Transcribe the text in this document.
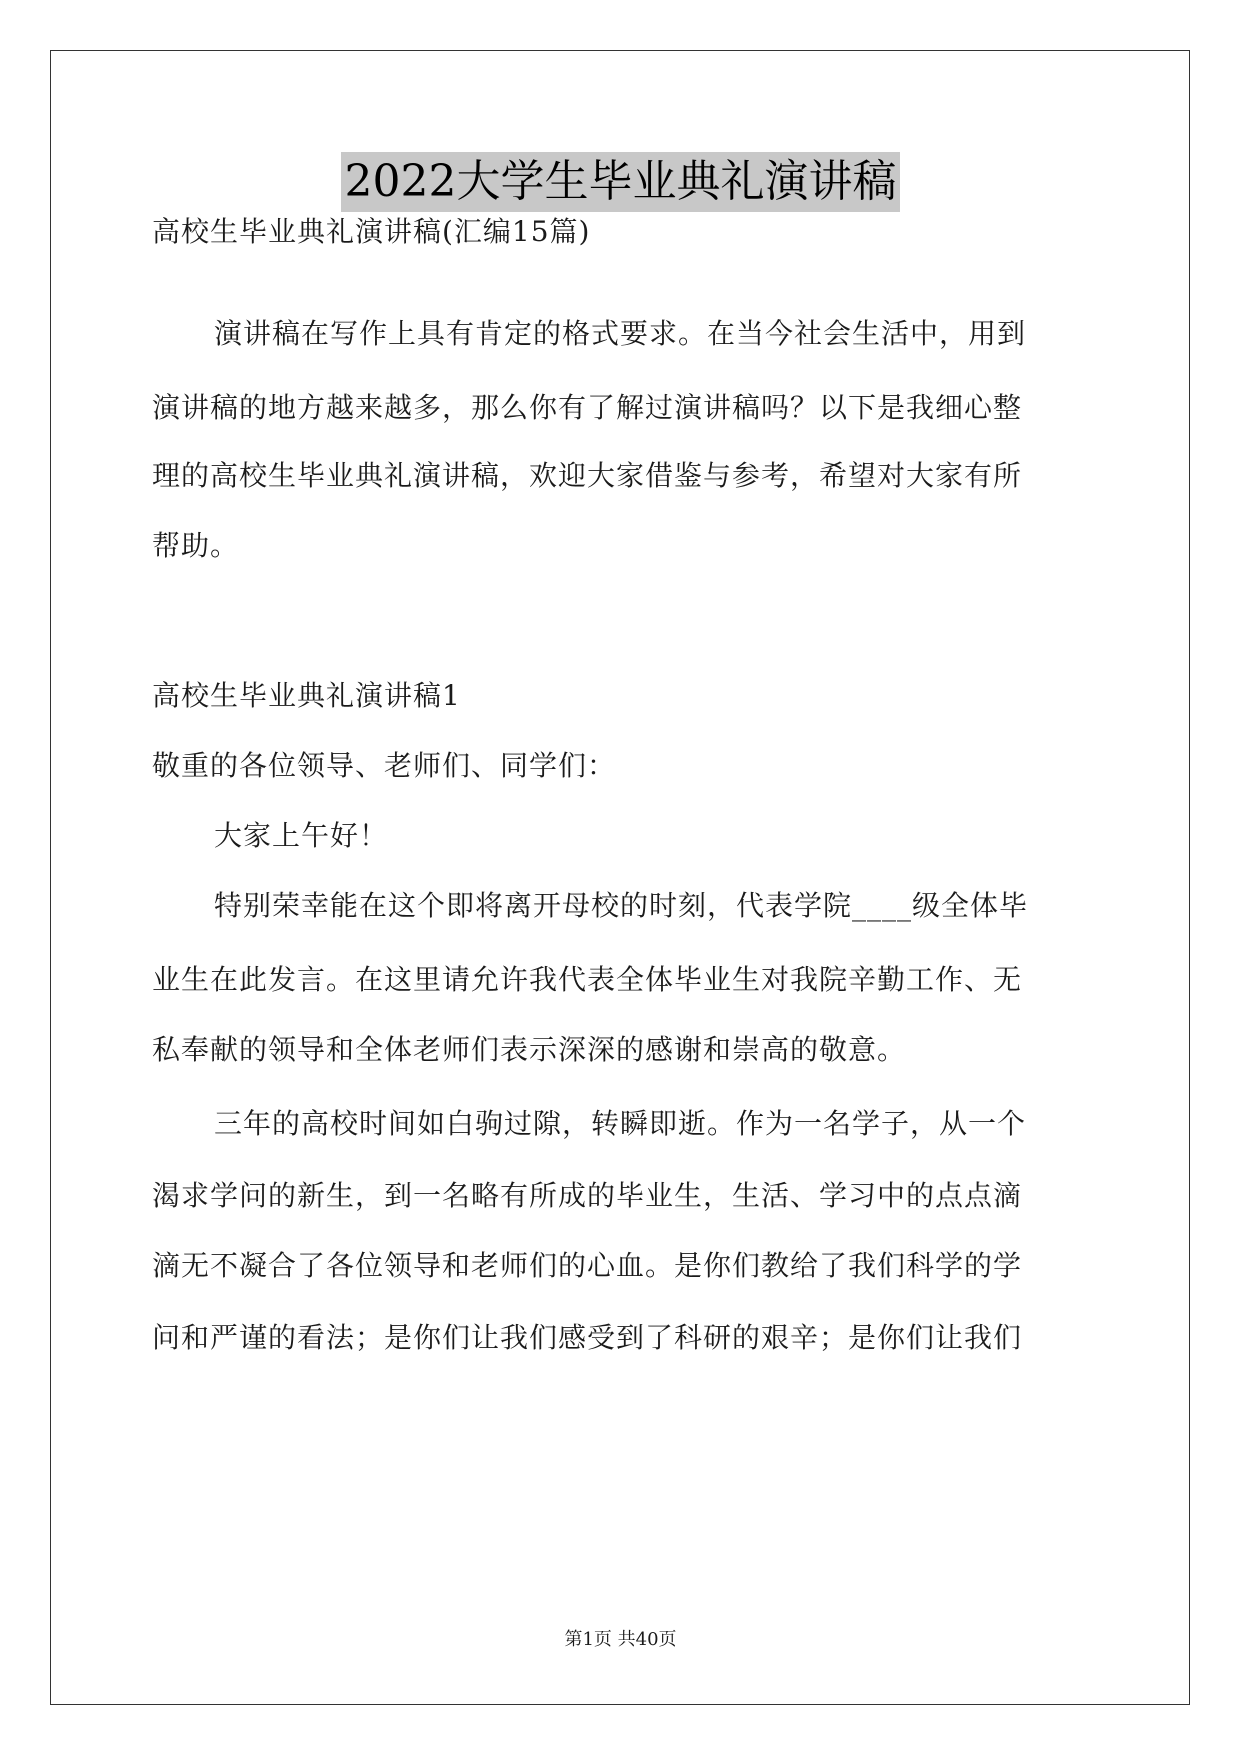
2022大学生毕业典礼演讲稿

高校生毕业典礼演讲稿(汇编15篇)

演讲稿在写作上具有肯定的格式要求。在当今社会生活中，用到

演讲稿的地方越来越多，那么你有了解过演讲稿吗？以下是我细心整

理的高校生毕业典礼演讲稿，欢迎大家借鉴与参考，希望对大家有所

帮助。

高校生毕业典礼演讲稿1

敬重的各位领导、老师们、同学们：

大家上午好！

特别荣幸能在这个即将离开母校的时刻，代表学院____级全体毕

业生在此发言。在这里请允许我代表全体毕业生对我院辛勤工作、无

私奉献的领导和全体老师们表示深深的感谢和崇高的敬意。

三年的高校时间如白驹过隙，转瞬即逝。作为一名学子，从一个

渴求学问的新生，到一名略有所成的毕业生，生活、学习中的点点滴

滴无不凝合了各位领导和老师们的心血。是你们教给了我们科学的学

问和严谨的看法；是你们让我们感受到了科研的艰辛；是你们让我们

第1页 共40页
